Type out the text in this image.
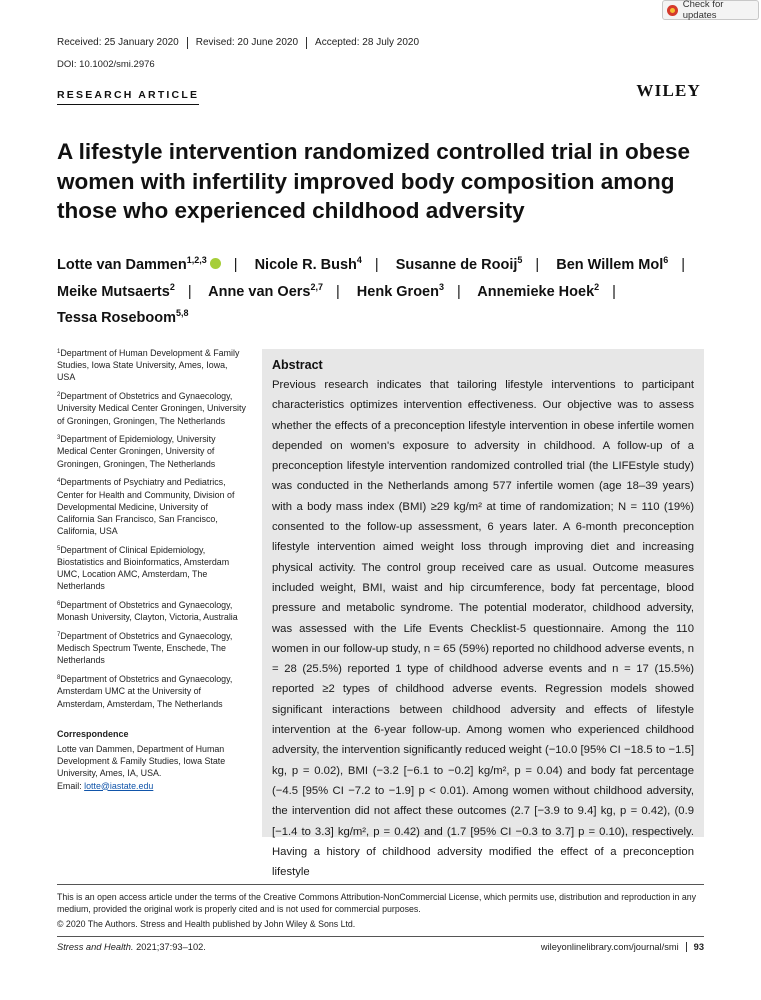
Check for updates
Received: 25 January 2020	Revised: 20 June 2020	Accepted: 28 July 2020
DOI: 10.1002/smi.2976
RESEARCH ARTICLE	WILEY
A lifestyle intervention randomized controlled trial in obese women with infertility improved body composition among those who experienced childhood adversity
Lotte van Dammen$^{1,2,3}$ | Nicole R. Bush$^4$ | Susanne de Rooij$^5$ | Ben Willem Mol$^6$ | Meike Mutsaerts$^2$ | Anne van Oers$^{2,7}$ | Henk Groen$^3$ | Annemieke Hoek$^2$ | Tessa Roseboom$^{5,8}$

$^1$Department of Human Development & Family Studies, Iowa State University, Ames, Iowa, USA

$^2$Department of Obstetrics and Gynaecology, University Medical Center Groningen, University of Groningen, Groningen, The Netherlands

$^3$Department of Epidemiology, University Medical Center Groningen, University of Groningen, Groningen, The Netherlands

$^4$Departments of Psychiatry and Pediatrics, Center for Health and Community, Division of Developmental Medicine, University of California San Francisco, San Francisco, California, USA

$^5$Department of Clinical Epidemiology, Biostatistics and Bioinformatics, Amsterdam UMC, Location AMC, Amsterdam, The Netherlands

$^6$Department of Obstetrics and Gynaecology, Monash University, Clayton, Victoria, Australia

$^7$Department of Obstetrics and Gynaecology, Medisch Spectrum Twente, Enschede, The Netherlands

$^8$Department of Obstetrics and Gynaecology, Amsterdam UMC at the University of Amsterdam, Amsterdam, The Netherlands

Correspondence
Lotte van Dammen, Department of Human Development & Family Studies, Iowa State University, Ames, IA, USA.
Email: lotte@iastate.edu
Abstract
Previous research indicates that tailoring lifestyle interventions to participant characteristics optimizes intervention effectiveness. Our objective was to assess whether the effects of a preconception lifestyle intervention in obese infertile women depended on women's exposure to adversity in childhood. A follow-up of a preconception lifestyle intervention randomized controlled trial (the LIFEstyle study) was conducted in the Netherlands among 577 infertile women (age 18–39 years) with a body mass index (BMI) ≥29 kg/m² at time of randomization; N = 110 (19%) consented to the follow-up assessment, 6 years later. A 6-month preconception lifestyle intervention aimed weight loss through improving diet and increasing physical activity. The control group received care as usual. Outcome measures included weight, BMI, waist and hip circumference, body fat percentage, blood pressure and metabolic syndrome. The potential moderator, childhood adversity, was assessed with the Life Events Checklist-5 questionnaire. Among the 110 women in our follow-up study, n = 65 (59%) reported no childhood adverse events, n = 28 (25.5%) reported 1 type of childhood adverse events and n = 17 (15.5%) reported ≥2 types of childhood adverse events. Regression models showed significant interactions between childhood adversity and effects of lifestyle intervention at the 6-year follow-up. Among women who experienced childhood adversity, the intervention significantly reduced weight (−10.0 [95% CI −18.5 to −1.5] kg, p = 0.02), BMI (−3.2 [−6.1 to −0.2] kg/m², p = 0.04) and body fat percentage (−4.5 [95% CI −7.2 to −1.9] p < 0.01). Among women without childhood adversity, the intervention did not affect these outcomes (2.7 [−3.9 to 9.4] kg, p = 0.42), (0.9 [−1.4 to 3.3] kg/m², p = 0.42) and (1.7 [95% CI −0.3 to 3.7] p = 0.10), respectively. Having a history of childhood adversity modified the effect of a preconception lifestyle
This is an open access article under the terms of the Creative Commons Attribution-NonCommercial License, which permits use, distribution and reproduction in any medium, provided the original work is properly cited and is not used for commercial purposes.
© 2020 The Authors. Stress and Health published by John Wiley & Sons Ltd.
Stress and Health. 2021;37:93–102.	wileyonlinelibrary.com/journal/smi	93
